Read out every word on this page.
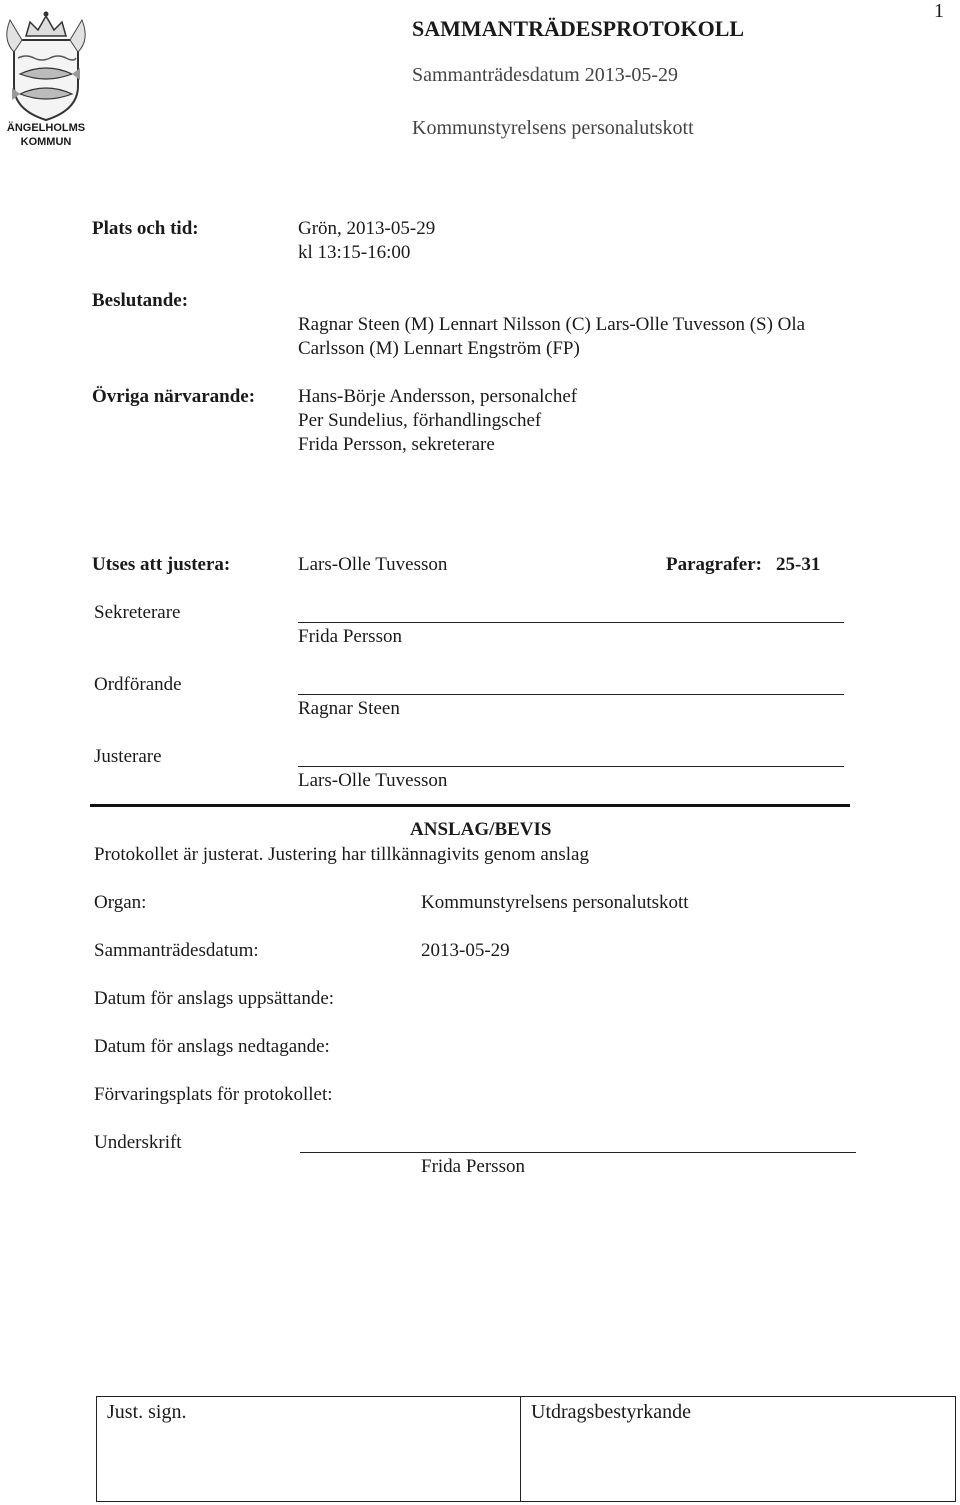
ÄNGELHOLMS
KOMMUN
SAMMANTRÄDESPROTOKOLL
Sammanträdesdatum 2013-05-29
Kommunstyrelsens personalutskott
1
Plats och tid:	Grön, 2013-05-29
kl 13:15-16:00
Beslutande:
Ragnar Steen (M) Lennart Nilsson (C) Lars-Olle Tuvesson (S) Ola
Carlsson (M) Lennart Engström (FP)
Övriga närvarande: Hans-Börje Andersson, personalchef
Per Sundelius, förhandlingschef
Frida Persson, sekreterare
Utses att justera:	Lars-Olle Tuvesson	Paragrafer: 25-31
Sekreterare
Frida Persson
Ordförande
Ragnar Steen
Justerare
Lars-Olle Tuvesson
ANSLAG/BEVIS
Protokollet är justerat. Justering har tillkännagivits genom anslag
Organ:	Kommunstyrelsens personalutskott
Sammanträdesdatum:	2013-05-29
Datum för anslags uppsättande:
Datum för anslags nedtagande:
Förvaringsplats för protokollet:
Underskrift
Frida Persson
Just. sign.	Utdragsbestyrkande
